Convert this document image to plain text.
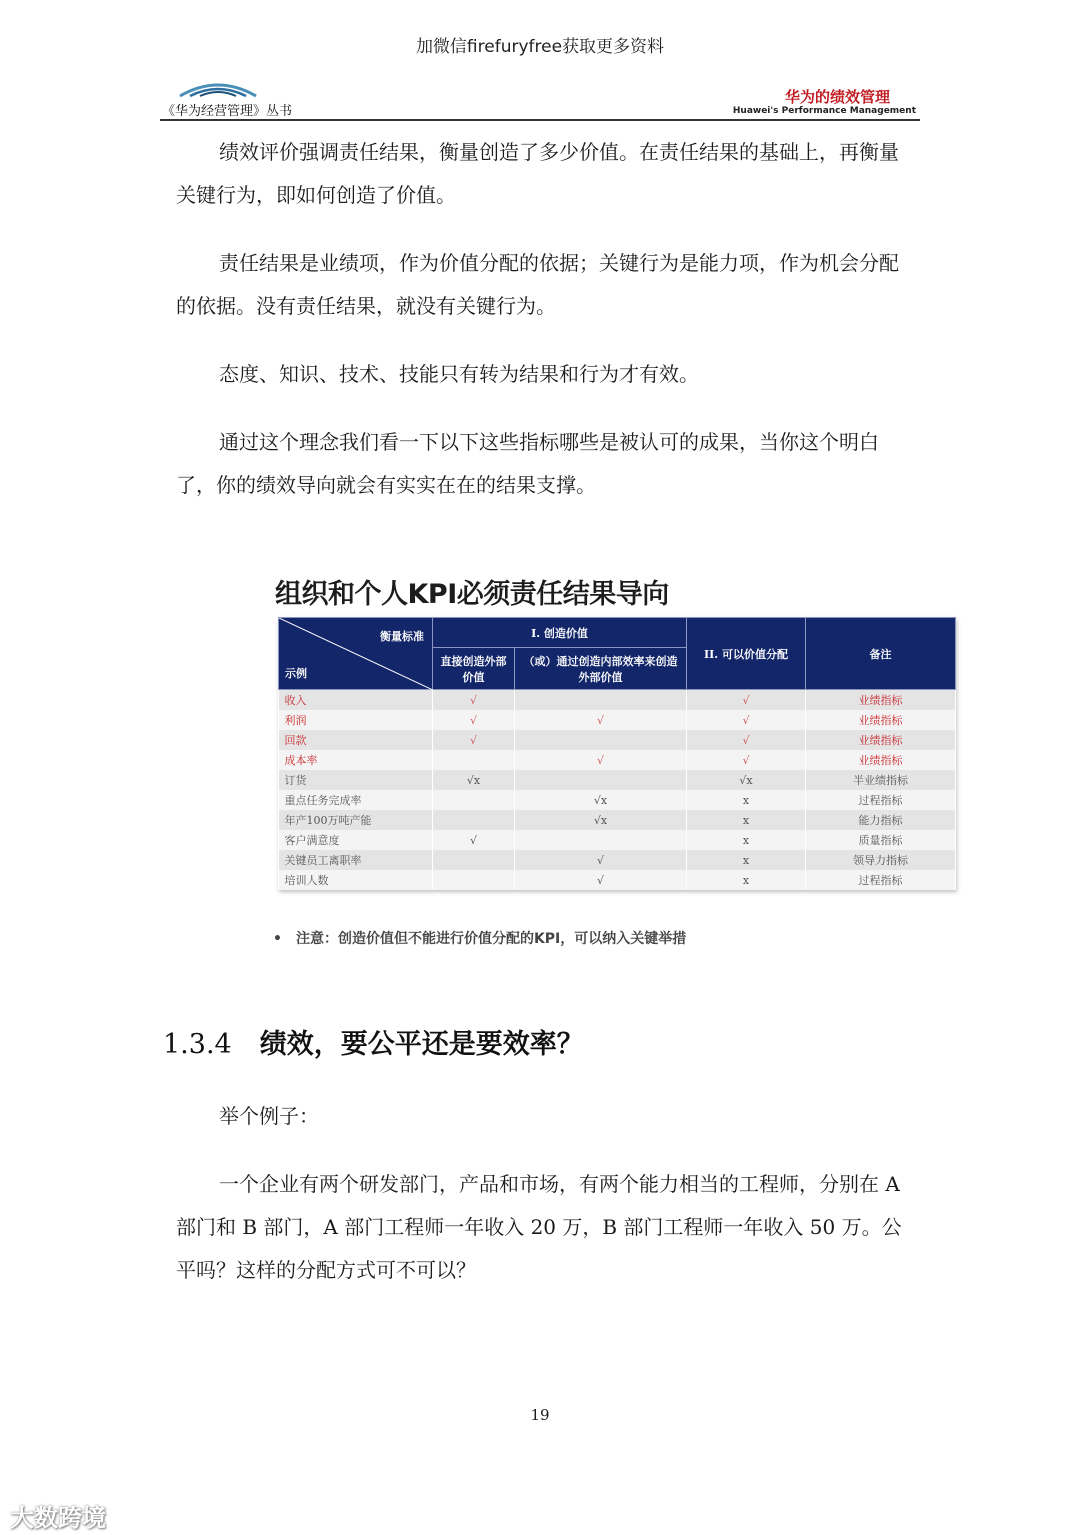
加微信firefuryfree获取更多资料
《华为经营管理》丛书
华为的绩效管理
Huawei's Performance Management

绩效评价强调责任结果，衡量创造了多少价值。在责任结果的基础上，再衡量关键行为，即如何创造了价值。

责任结果是业绩项，作为价值分配的依据；关键行为是能力项，作为机会分配的依据。没有责任结果，就没有关键行为。

态度、知识、技术、技能只有转为结果和行为才有效。

通过这个理念我们看一下以下这些指标哪些是被认可的成果，当你这个明白了，你的绩效导向就会有实实在在的结果支撑。

组织和个人KPI必须责任结果导向
衡量标准
示例	I. 创造价值		II. 可以价值分配	备注
	直接创造外部价值	（或）通过创造内部效率来创造外部价值		
收入	√		√	业绩指标
利润	√	√	√	业绩指标
回款	√		√	业绩指标
成本率		√	√	业绩指标
订货	√x		√x	半业绩指标
重点任务完成率		√x	x	过程指标
年产100万吨产能		√x	x	能力指标
客户满意度	√		x	质量指标
关键员工离职率		√	x	领导力指标
培训人数		√	x	过程指标
• 注意：创造价值但不能进行价值分配的KPI，可以纳入关键举措
1.3.4 绩效，要公平还是要效率？

举个例子：

一个企业有两个研发部门，产品和市场，有两个能力相当的工程师，分别在 A 部门和 B 部门，A 部门工程师一年收入 20 万，B 部门工程师一年收入 50 万。公平吗？这样的分配方式可不可以？

19
大数跨境
